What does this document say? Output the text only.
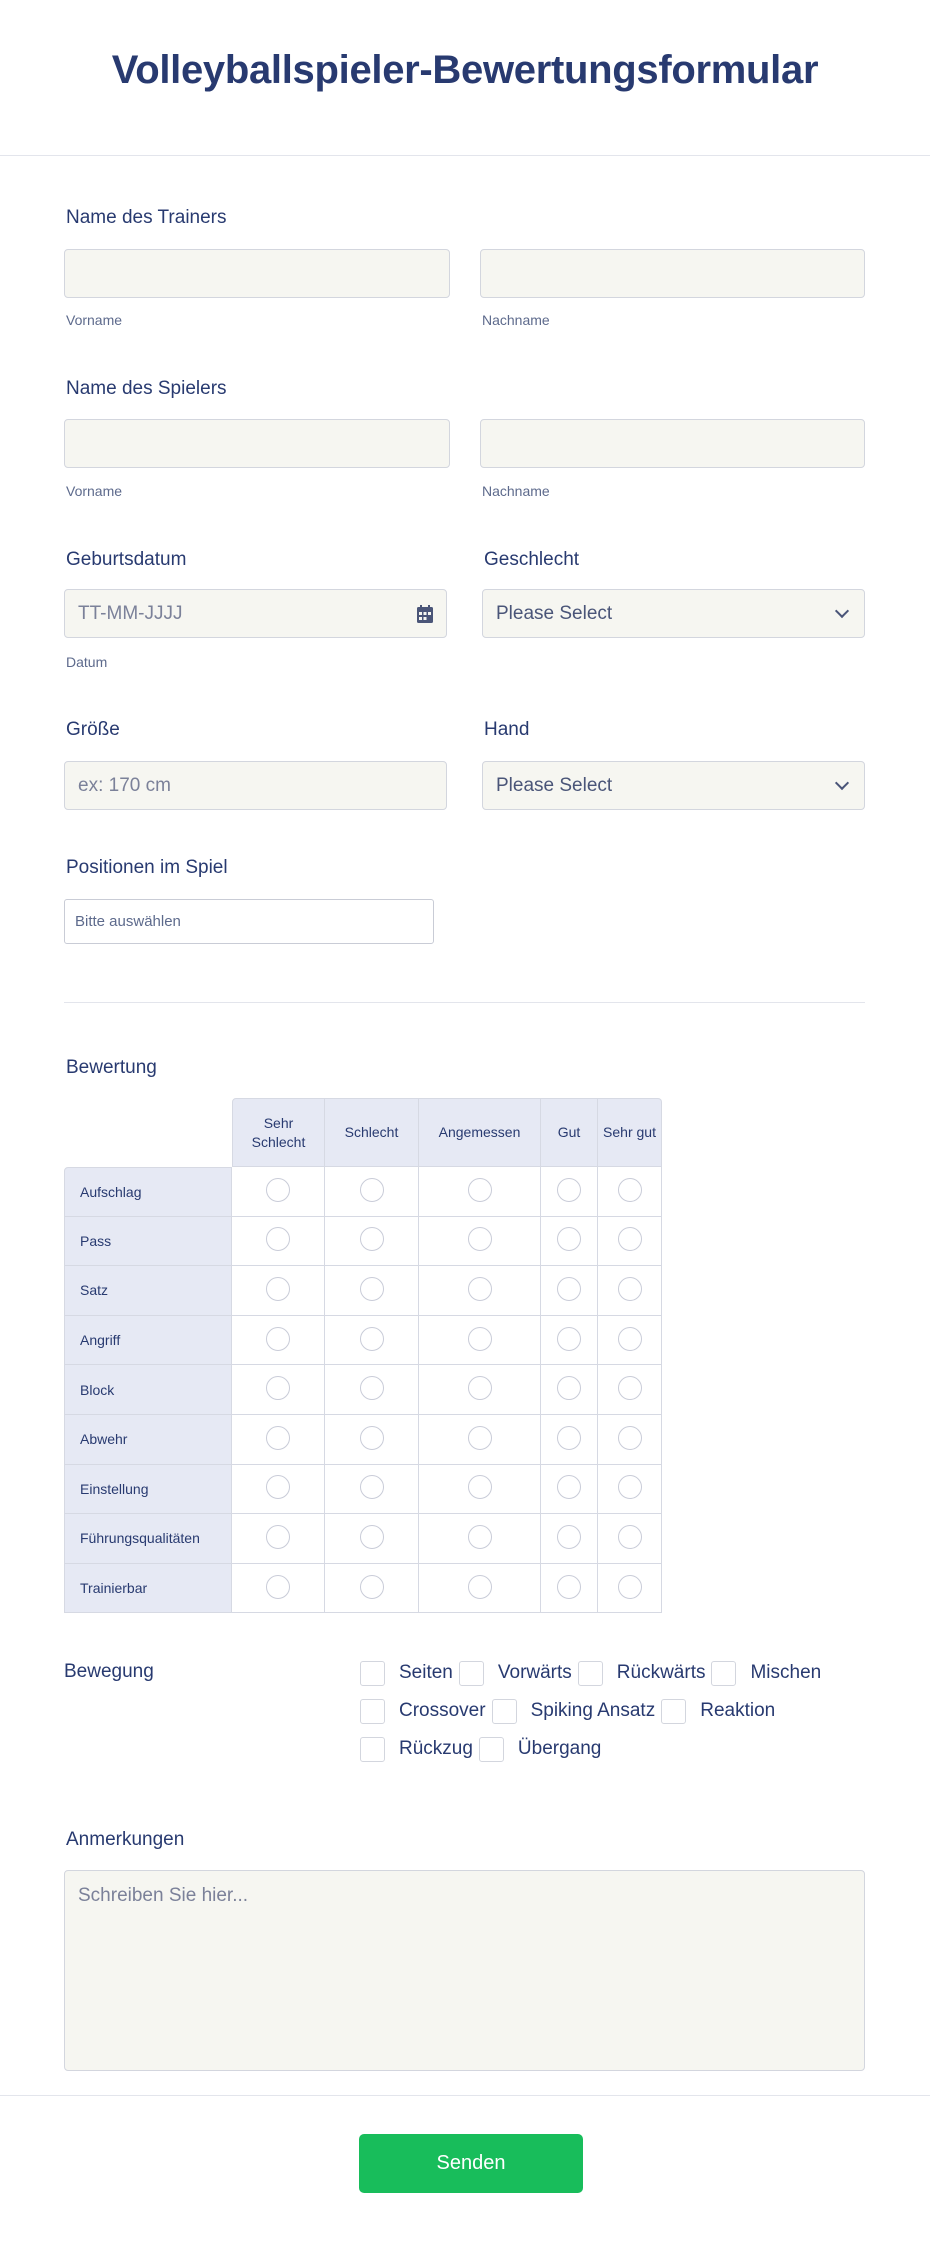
Volleyballspieler-Bewertungsformular
Name des Trainers
Vorname	Nachname
Name des Spielers
Vorname	Nachname
Geburtsdatum
TT-MM-JJJJ
Datum
Geschlecht
Please Select
Größe
ex: 170 cm
Hand
Please Select
Positionen im Spiel
Bitte auswählen
Bewertung
	Sehr Schlecht	Schlecht	Angemessen	Gut	Sehr gut
Aufschlag					
Pass					
Satz					
Angriff					
Block					
Abwehr					
Einstellung					
Führungsqualitäten					
Trainierbar					
Bewegung	Seiten Vorwärts Rückwärts Mischen
Crossover Spiking Ansatz Reaktion
Rückzug Übergang
Anmerkungen
Schreiben Sie hier...
Senden
